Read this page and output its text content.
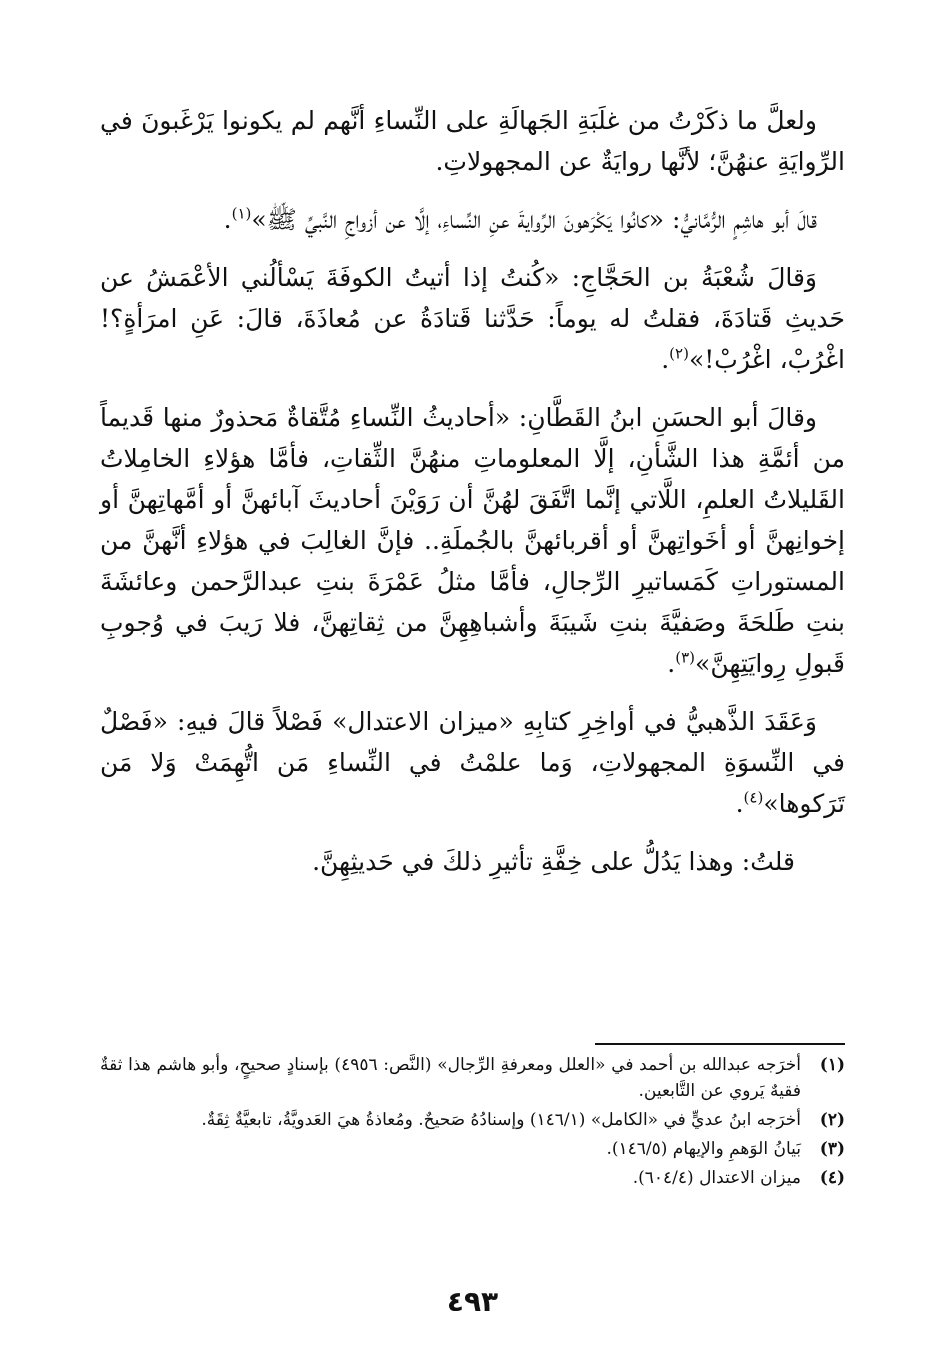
ولعلَّ ما ذكَرْتُ من غلَبَةِ الجَهالَةِ على النِّساءِ أنَّهم لم يكونوا يَرْغَبونَ في الرِّوايَةِ عنهُنَّ؛ لأنَّها روايَةٌ عن المجهولاتِ.

قالَ أبو هاشِمٍ الرُّمَّانيُّ: «كانُوا يَكْرَهونَ الرِّوايةَ عنِ النِّساءِ، إلَّا عن أزواجِ النَّبيِّ ﷺ»$^{(١)}$.

وَقالَ شُعْبَةُ بن الحَجَّاجِ: «كُنتُ إذا أتيتُ الكوفَةَ يَسْألُني الأعْمَشُ عن حَديثِ قَتادَةَ، فقلتُ له يوماً: حَدَّثنا قَتادَةُ عن مُعاذَةَ، قالَ: عَنِ امرَأةٍ؟! اغْرُبْ، اغْرُبْ!»$^{(٢)}$.

وقالَ أبو الحسَنِ ابنُ القَطَّانِ: «أحاديثُ النِّساءِ مُتَّقاةٌ مَحذورٌ منها قَديماً من أئمَّةِ هذا الشَّأنِ، إلَّا المعلوماتِ منهُنَّ الثِّقاتِ، فأمَّا هؤلاءِ الخامِلاتُ القَليلاتُ العلمِ، اللَّاتي إنَّما اتَّفَقَ لهُنَّ أن رَوَيْنَ أحاديثَ آبائهنَّ أو أمَّهاتِهنَّ أو إخوانِهنَّ أو أخَواتِهنَّ أو أقربائهنَّ بالجُملَةِ.. فإنَّ الغالِبَ في هؤلاءِ أنَّهنَّ من المستوراتِ كَمَساتيرِ الرِّجالِ، فأمَّا مثلُ عَمْرَةَ بنتِ عبدالرَّحمن وعائشَةَ بنتِ طَلحَةَ وصَفيَّةَ بنتِ شَيبَةَ وأشباهِهِنَّ من ثِقاتِهنَّ، فلا رَيبَ في وُجوبِ قَبولِ رِوايَتِهِنَّ»$^{(٣)}$.

وَعَقَدَ الذَّهبيُّ في أواخِرِ كتابِهِ «ميزان الاعتدال» فَصْلاً قالَ فيهِ: «فَصْلٌ في النِّسوَةِ المجهولاتِ، وَما علمْتُ في النِّساءِ مَن اتُّهِمَتْ وَلا مَن تَرَكوها»$^{(٤)}$.

قلتُ: وهذا يَدُلُّ على خِفَّةِ تأثيرِ ذلكَ في حَديثِهِنَّ.

(١)
أخرَجه عبدالله بن أحمد في «العلل ومعرفةِ الرِّجال» (النَّص: ٤٩٥٦) بإسنادٍ صحيحٍ، وأبو هاشم هذا ثقةٌ فقيهٌ يَروي عن التَّابعين.
(٢)
أخرَجه ابنُ عديٍّ في «الكامل» (١٤٦/١) وإسنادُهُ صَحيحٌ. ومُعاذةُ هيَ العَدويَّةُ، تابعيَّةٌ ثِقَةٌ.
(٣)
بَيانُ الوَهمِ والإيهام (١٤٦/٥).
(٤)
ميزان الاعتدال (٦٠٤/٤).
٤٩٣
